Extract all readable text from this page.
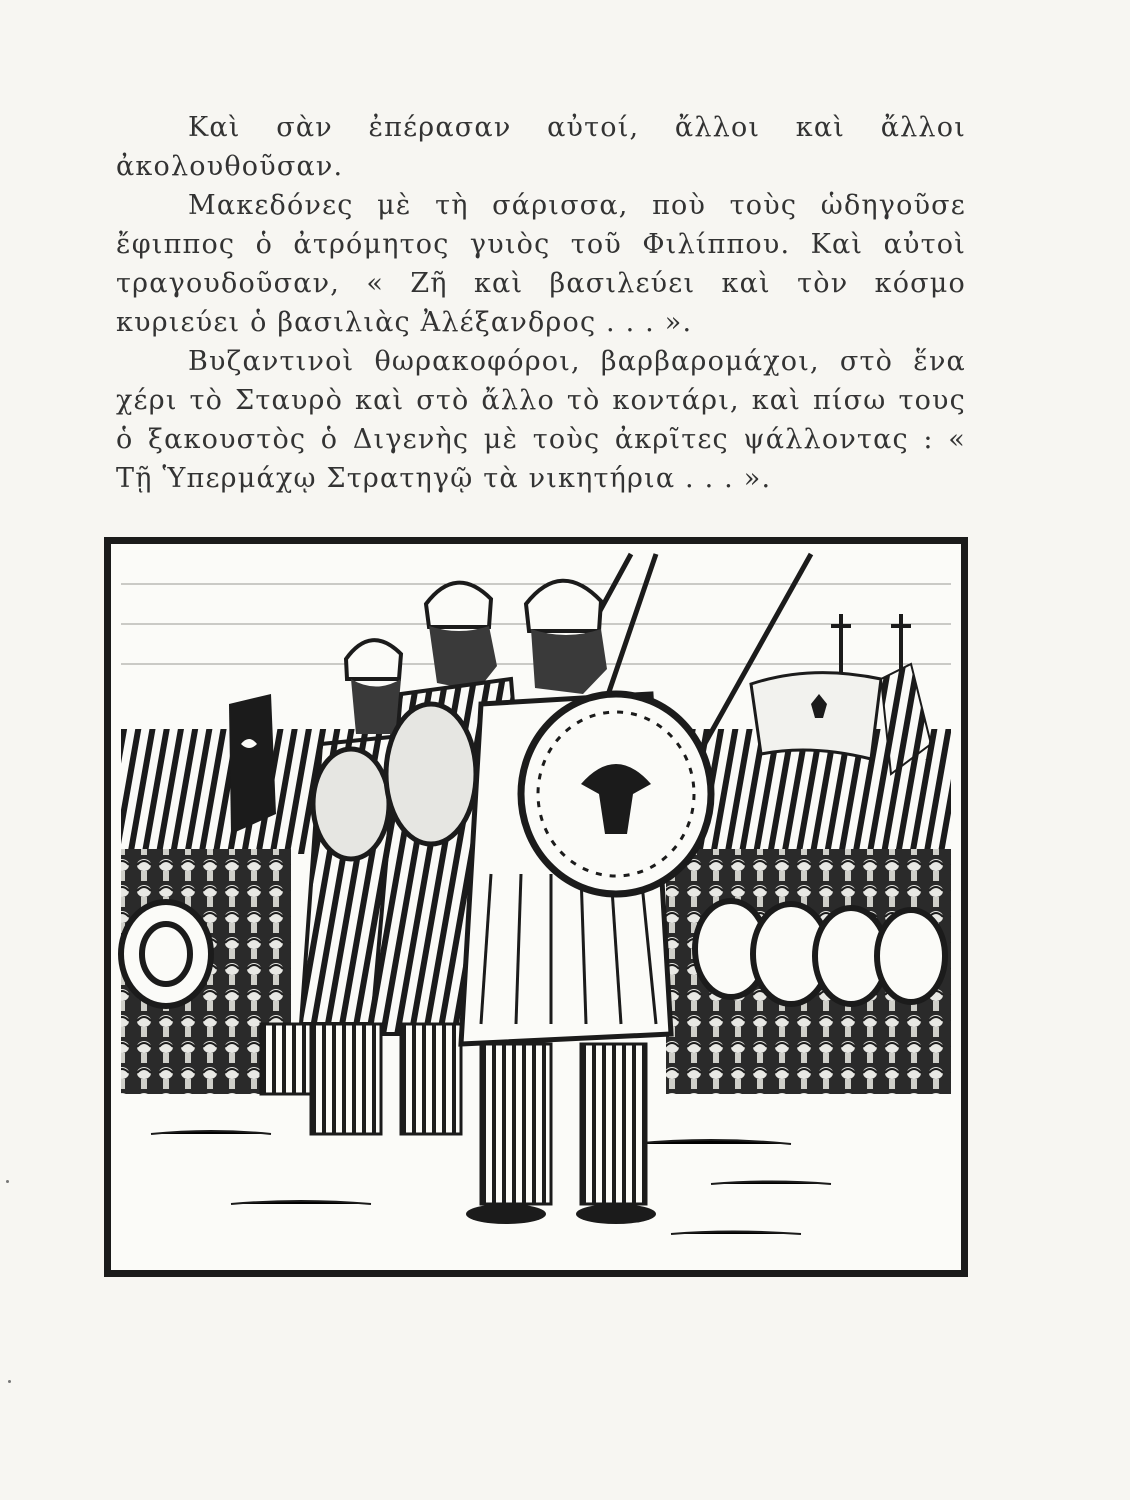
Καὶ σὰν ἐπέρασαν αὐτοί, ἄλλοι καὶ ἄλλοι ἀκολουθοῦσαν.

Μακεδόνες μὲ τὴ σάρισσα, ποὺ τοὺς ὡδηγοῦσε ἔφιππος ὁ ἀτρόμητος γυιὸς τοῦ Φιλίππου. Καὶ αὐτοὶ τραγουδοῦσαν, « Ζῆ καὶ βασιλεύει καὶ τὸν κόσμο κυριεύει ὁ βασιλιὰς Ἀλέξανδρος . . . ».

Βυζαντινοὶ θωρακοφόροι, βαρβαρομάχοι, στὸ ἕνα χέρι τὸ Σταυρὸ καὶ στὸ ἄλλο τὸ κοντάρι, καὶ πίσω τους ὁ ξακουστὸς ὁ Διγενὴς μὲ τοὺς ἀκρῖτες ψάλλοντας : « Τῇ Ὑπερμάχῳ Στρατηγῷ τὰ νικητήρια . . . ».
